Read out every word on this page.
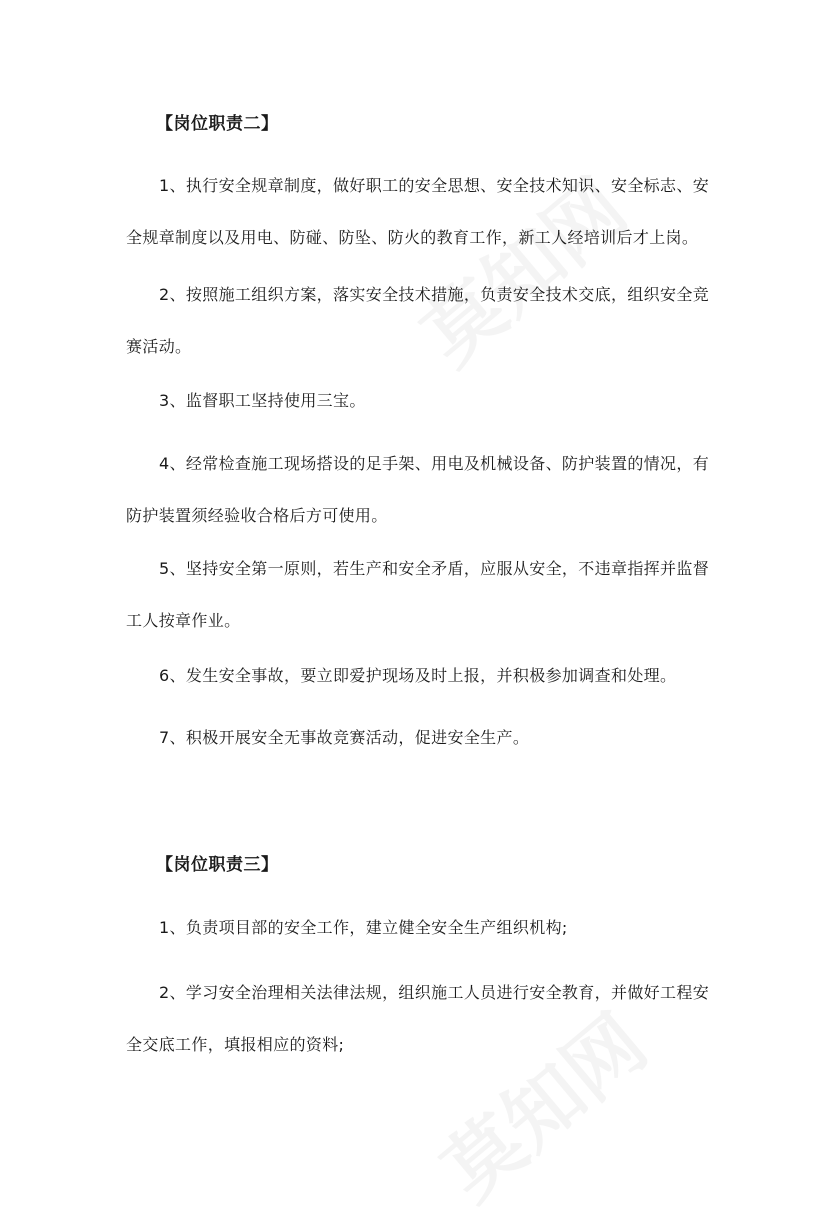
【岗位职责二】
1、执行安全规章制度，做好职工的安全思想、安全技术知识、安全标志、安全规章制度以及用电、防碰、防坠、防火的教育工作，新工人经培训后才上岗。
2、按照施工组织方案，落实安全技术措施，负责安全技术交底，组织安全竞赛活动。
3、监督职工坚持使用三宝。
4、经常检查施工现场搭设的足手架、用电及机械设备、防护装置的情况，有防护装置须经验收合格后方可使用。
5、坚持安全第一原则，若生产和安全矛盾，应服从安全，不违章指挥并监督工人按章作业。
6、发生安全事故，要立即爱护现场及时上报，并积极参加调查和处理。
7、积极开展安全无事故竞赛活动，促进安全生产。
【岗位职责三】
1、负责项目部的安全工作，建立健全安全生产组织机构;
2、学习安全治理相关法律法规，组织施工人员进行安全教育，并做好工程安全交底工作，填报相应的资料;
